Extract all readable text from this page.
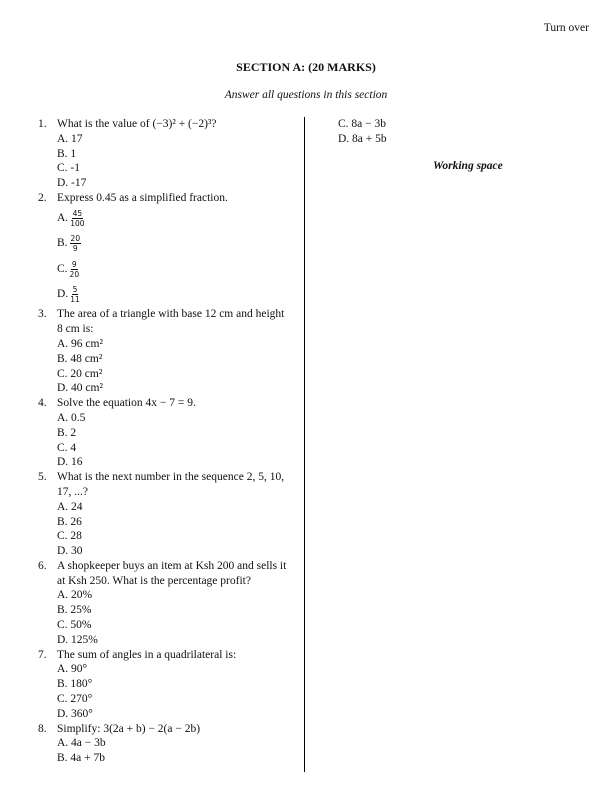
Turn over
SECTION A: (20 MARKS)
Answer all questions in this section
1. What is the value of (−3)² + (−2)³?
A. 17
B. 1
C. -1
D. -17
2. Express 0.45 as a simplified fraction.
A. $\frac{45}{100}$
B. $\frac{20}{9}$
C. $\frac{9}{20}$
D. $\frac{5}{11}$
3. The area of a triangle with base 12 cm and height 8 cm is:
A. 96 cm²
B. 48 cm²
C. 20 cm²
D. 40 cm²
4. Solve the equation 4x − 7 = 9.
A. 0.5
B. 2
C. 4
D. 16
5. What is the next number in the sequence 2, 5, 10, 17, ...?
A. 24
B. 26
C. 28
D. 30
6. A shopkeeper buys an item at Ksh 200 and sells it at Ksh 250. What is the percentage profit?
A. 20%
B. 25%
C. 50%
D. 125%
7. The sum of angles in a quadrilateral is:
A. 90°
B. 180°
C. 270°
D. 360°
8. Simplify: 3(2a + b) − 2(a − 2b)
A. 4a − 3b
B. 4a + 7b
C. 8a − 3b
D. 8a + 5b
Working space
